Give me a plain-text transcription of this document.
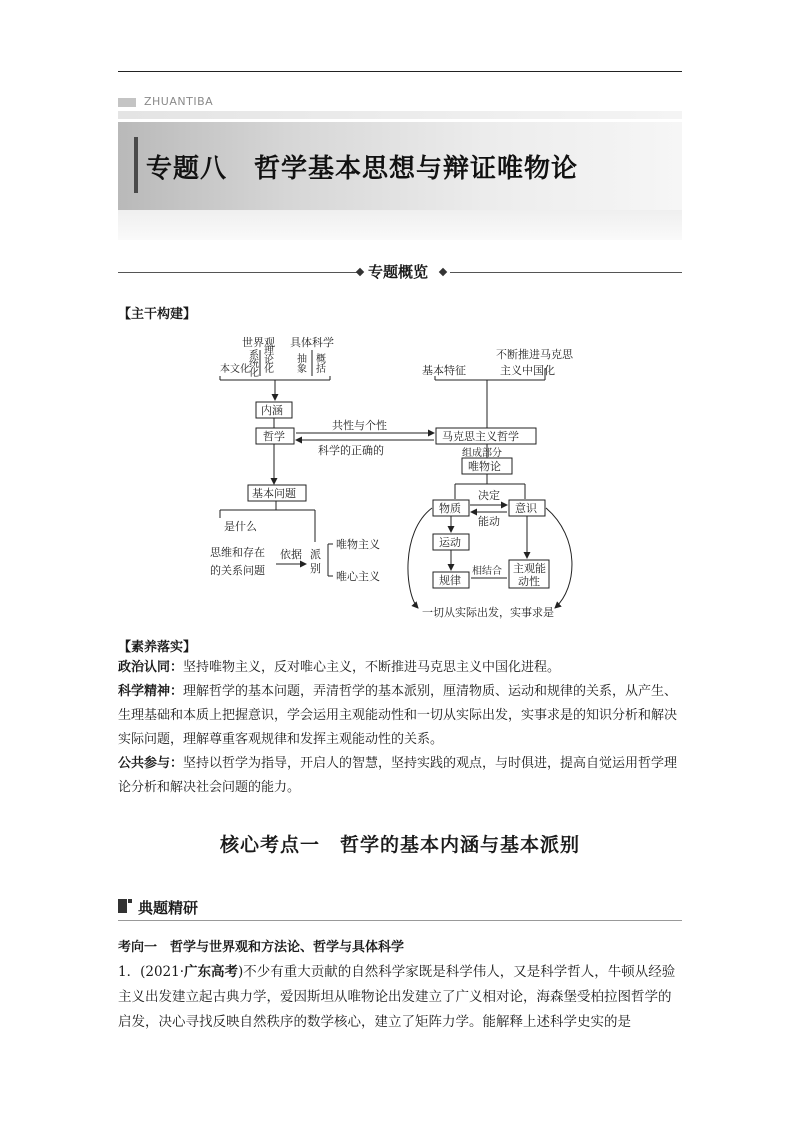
ZHUANTIBA
专题八　哲学基本思想与辩证唯物论
专题概览
【主干构建】
世界观 具体科学
本文化
系
统
化
理
论
化
抽
象
概
括
内涵
哲学
共性与个性
科学的正确的
基本问题
是什么
思维和存在
的关系问题
依据 派
别
唯物主义
唯心主义
不断推进马克思
主义中国化
基本特征
马克思主义哲学
组成部分
唯物论
物质	意识
决定
能动
运动
规律
相结合 主观能
动性
一切从实际出发，实事求是
【素养落实】
政治认同：坚持唯物主义，反对唯心主义，不断推进马克思主义中国化进程。
科学精神：理解哲学的基本问题，弄清哲学的基本派别，厘清物质、运动和规律的关系，从产生、生理基础和本质上把握意识，学会运用主观能动性和一切从实际出发，实事求是的知识分析和解决实际问题，理解尊重客观规律和发挥主观能动性的关系。
公共参与：坚持以哲学为指导，开启人的智慧，坚持实践的观点，与时俱进，提高自觉运用哲学理论分析和解决社会问题的能力。
核心考点一　哲学的基本内涵与基本派别
典题精研
考向一　哲学与世界观和方法论、哲学与具体科学
1．(2021·广东高考)不少有重大贡献的自然科学家既是科学伟人，又是科学哲人，牛顿从经验主义出发建立起古典力学，爱因斯坦从唯物论出发建立了广义相对论，海森堡受柏拉图哲学的启发，决心寻找反映自然秩序的数学核心，建立了矩阵力学。能解释上述科学史实的是
